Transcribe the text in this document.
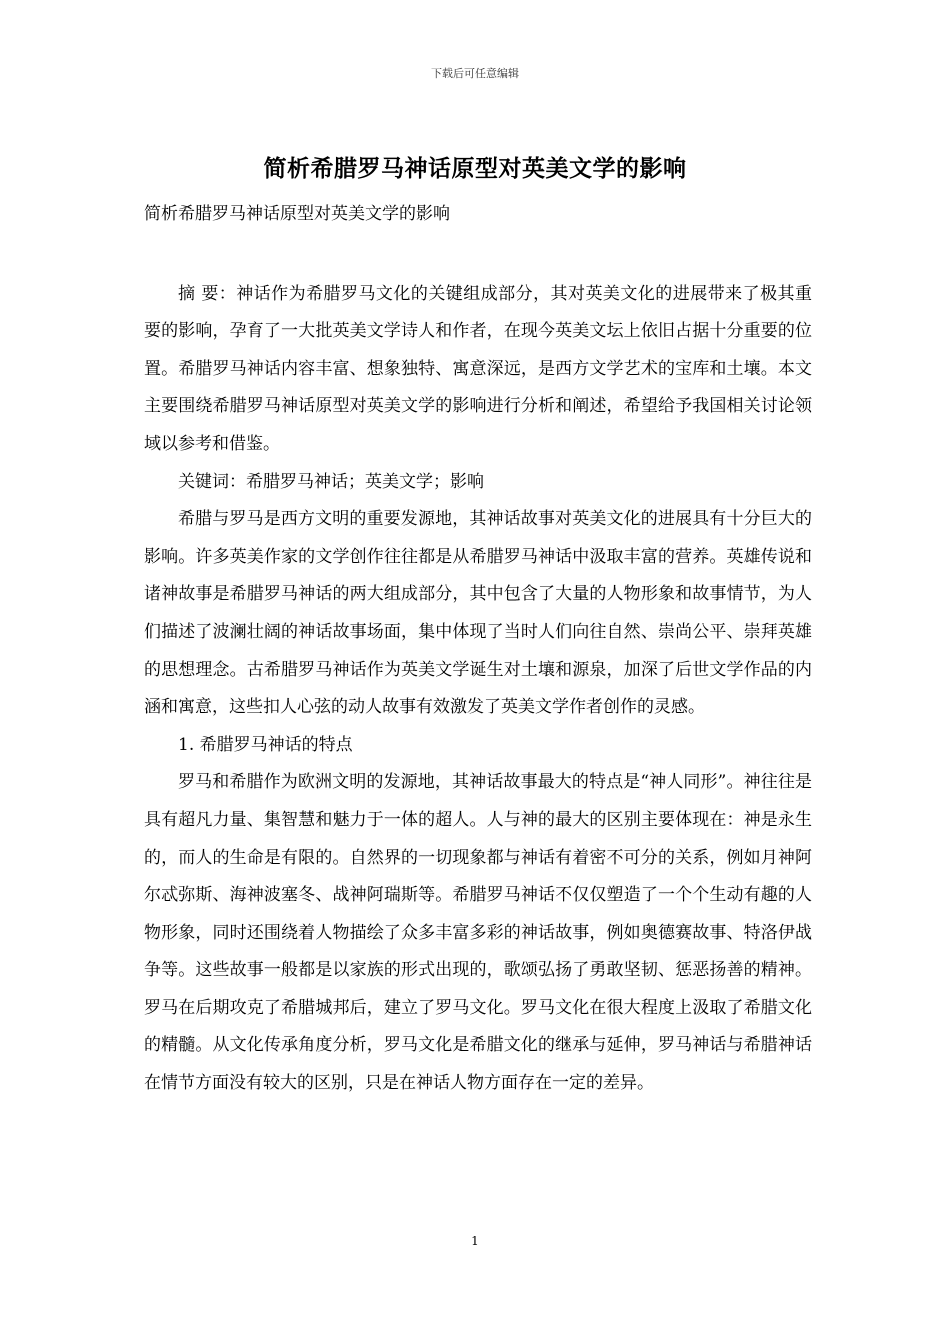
下载后可任意编辑
简析希腊罗马神话原型对英美文学的影响

简析希腊罗马神话原型对英美文学的影响

摘 要：神话作为希腊罗马文化的关键组成部分，其对英美文化的进展带来了极其重要的影响，孕育了一大批英美文学诗人和作者，在现今英美文坛上依旧占据十分重要的位置。希腊罗马神话内容丰富、想象独特、寓意深远，是西方文学艺术的宝库和土壤。本文主要围绕希腊罗马神话原型对英美文学的影响进行分析和阐述，希望给予我国相关讨论领域以参考和借鉴。

关键词：希腊罗马神话；英美文学；影响

希腊与罗马是西方文明的重要发源地，其神话故事对英美文化的进展具有十分巨大的影响。许多英美作家的文学创作往往都是从希腊罗马神话中汲取丰富的营养。英雄传说和诸神故事是希腊罗马神话的两大组成部分，其中包含了大量的人物形象和故事情节，为人们描述了波澜壮阔的神话故事场面，集中体现了当时人们向往自然、崇尚公平、崇拜英雄的思想理念。古希腊罗马神话作为英美文学诞生对土壤和源泉，加深了后世文学作品的内涵和寓意，这些扣人心弦的动人故事有效激发了英美文学作者创作的灵感。

1. 希腊罗马神话的特点

罗马和希腊作为欧洲文明的发源地，其神话故事最大的特点是“神人同形”。神往往是具有超凡力量、集智慧和魅力于一体的超人。人与神的最大的区别主要体现在：神是永生的，而人的生命是有限的。自然界的一切现象都与神话有着密不可分的关系，例如月神阿尔忒弥斯、海神波塞冬、战神阿瑞斯等。希腊罗马神话不仅仅塑造了一个个生动有趣的人物形象，同时还围绕着人物描绘了众多丰富多彩的神话故事，例如奥德赛故事、特洛伊战争等。这些故事一般都是以家族的形式出现的，歌颂弘扬了勇敢坚韧、惩恶扬善的精神。罗马在后期攻克了希腊城邦后，建立了罗马文化。罗马文化在很大程度上汲取了希腊文化的精髓。从文化传承角度分析，罗马文化是希腊文化的继承与延伸，罗马神话与希腊神话在情节方面没有较大的区别，只是在神话人物方面存在一定的差异。

1
